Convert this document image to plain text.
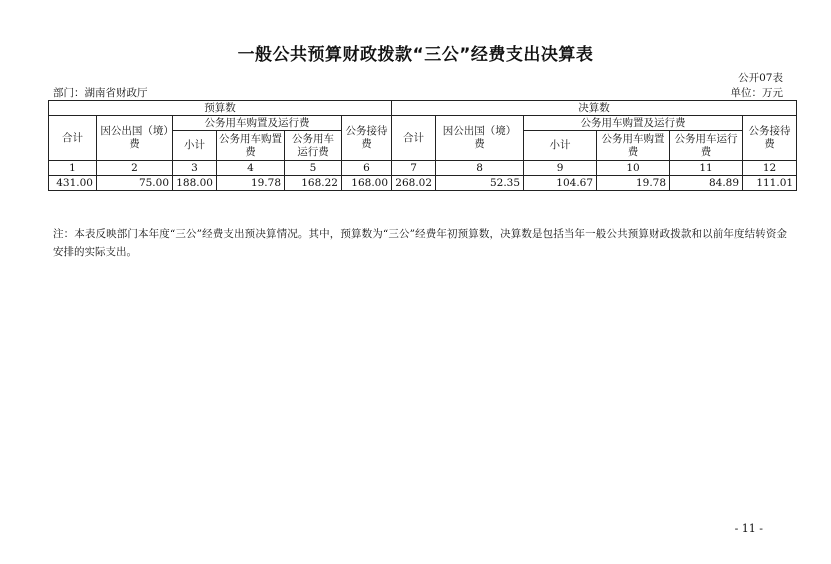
一般公共预算财政拨款“三公”经费支出决算表
公开07表
部门：湖南省财政厅	单位：万元
预算数						决算数					
合计	因公出国（境）费	公务用车购置及运行费			公务接待费	合计	因公出国（境）费	公务用车购置及运行费			公务接待费
		小计	公务用车购置费	公务用车运行费				小计	公务用车购置费	公务用车运行费	
1	2	3	4	5	6	7	8	9	10	11	12
431.00	75.00	188.00	19.78	168.22	168.00	268.02	52.35	104.67	19.78	84.89	111.01
注：本表反映部门本年度“三公”经费支出预决算情况。其中，预算数为“三公”经费年初预算数，决算数是包括当年一般公共预算财政拨款和以前年度结转资金安排的实际支出。
- 11 -
